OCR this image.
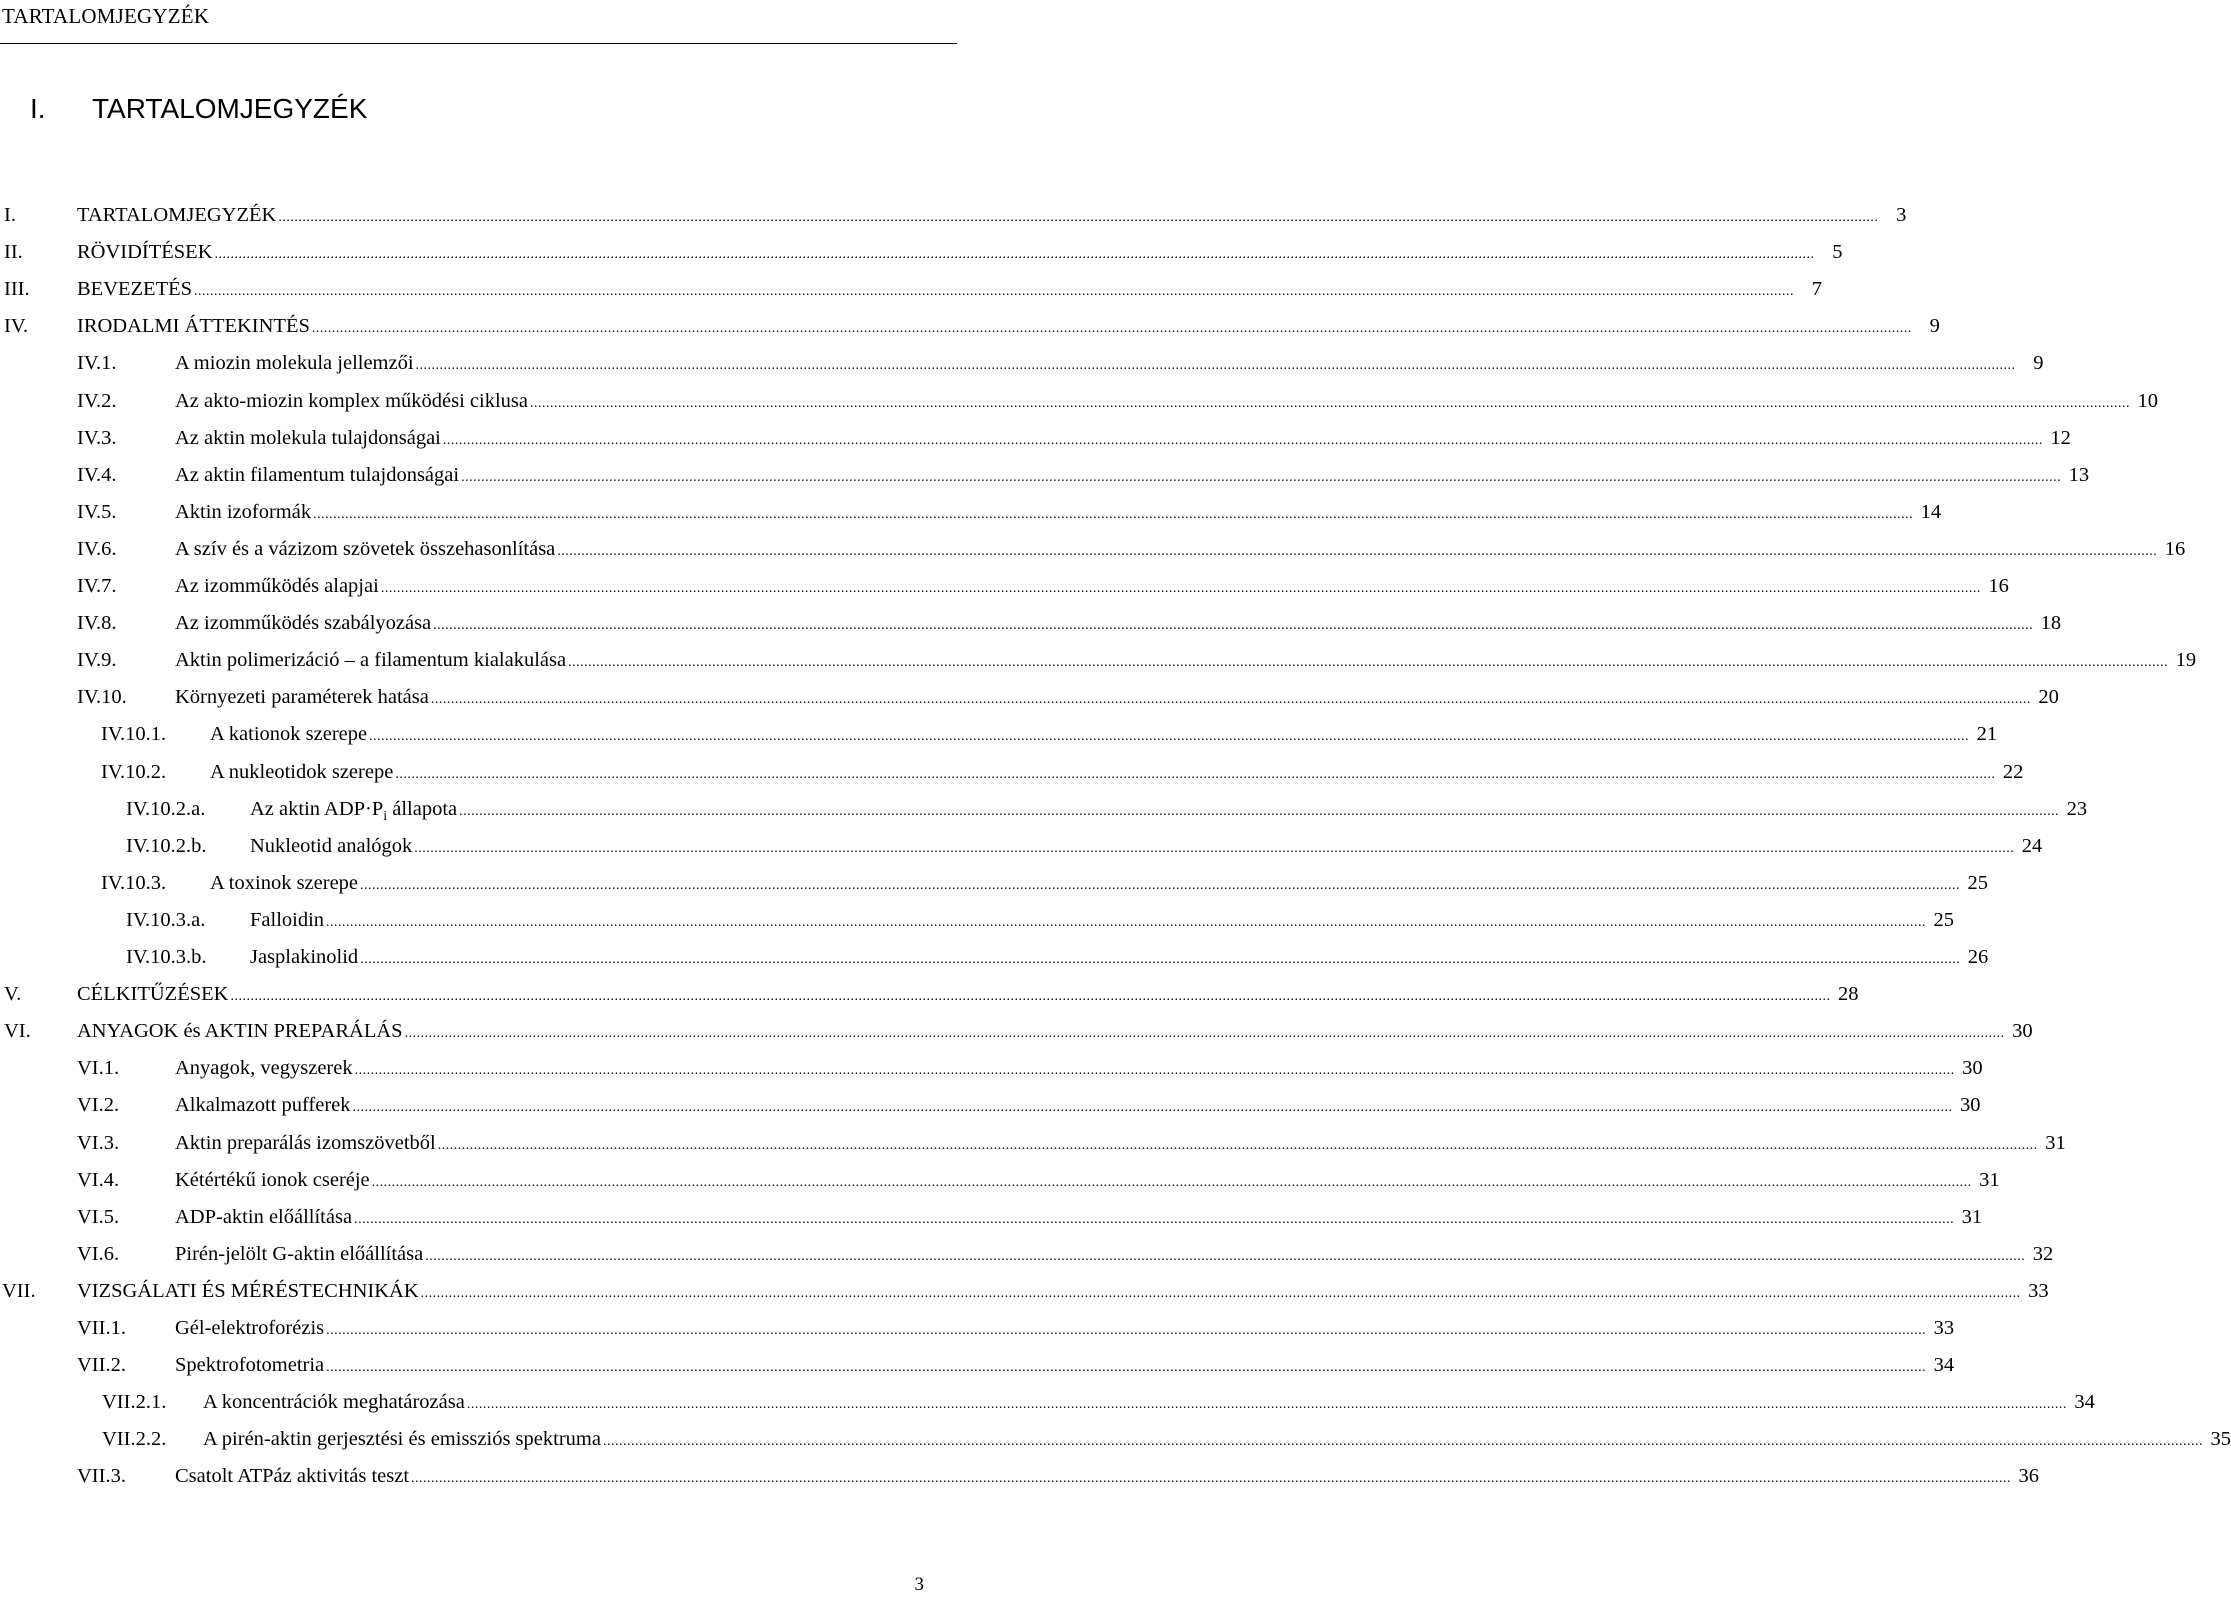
TARTALOMJEGYZÉK
I. TARTALOMJEGYZÉK
I.	TARTALOMJEGYZÉK ................................................................................................................................................................................................................................................................................................................................................................................................................ 3
II.	RÖVIDÍTÉSEK ................................................................................................................................................................................................................................................................................................................................................................................................................ 5
III. BEVEZETÉS ................................................................................................................................................................................................................................................................................................................................................................................................................ 7
IV. IRODALMI ÁTTEKINTÉS ................................................................................................................................................................................................................................................................................................................................................................................................................ 9
IV.1.	A miozin molekula jellemzői ................................................................................................................................................................................................................................................................................................................................................................................................................ 9
IV.2.	Az akto-miozin komplex működési ciklusa ................................................................................................................................................................................................................................................................................................................................................................................................................ 10
IV.3.	Az aktin molekula tulajdonságai ................................................................................................................................................................................................................................................................................................................................................................................................................ 12
IV.4.	Az aktin filamentum tulajdonságai ................................................................................................................................................................................................................................................................................................................................................................................................................ 13
IV.5.	Aktin izoformák ................................................................................................................................................................................................................................................................................................................................................................................................................ 14
IV.6.	A szív és a vázizom szövetek összehasonlítása ................................................................................................................................................................................................................................................................................................................................................................................................................ 16
IV.7.	Az izomműködés alapjai ................................................................................................................................................................................................................................................................................................................................................................................................................ 16
IV.8.	Az izomműködés szabályozása ................................................................................................................................................................................................................................................................................................................................................................................................................ 18
IV.9.	Aktin polimerizáció – a filamentum kialakulása ................................................................................................................................................................................................................................................................................................................................................................................................................ 19
IV.10. Környezeti paraméterek hatása ................................................................................................................................................................................................................................................................................................................................................................................................................ 20
IV.10.1. A kationok szerepe ................................................................................................................................................................................................................................................................................................................................................................................................................ 21
IV.10.2. A nukleotidok szerepe ................................................................................................................................................................................................................................................................................................................................................................................................................ 22
IV.10.2.a. Az aktin $ADP\cdot P_i$ állapota ................................................................................................................................................................................................................................................................................................................................................................................................................ 23
IV.10.2.b. Nukleotid analógok ................................................................................................................................................................................................................................................................................................................................................................................................................ 24
IV.10.3. A toxinok szerepe ................................................................................................................................................................................................................................................................................................................................................................................................................ 25
IV.10.3.a. Falloidin ................................................................................................................................................................................................................................................................................................................................................................................................................ 25
IV.10.3.b. Jasplakinolid ................................................................................................................................................................................................................................................................................................................................................................................................................ 26
V.	CÉLKITŰZÉSEK ................................................................................................................................................................................................................................................................................................................................................................................................................ 28
VI. ANYAGOK és AKTIN PREPARÁLÁS ................................................................................................................................................................................................................................................................................................................................................................................................................ 30
VI.1.	Anyagok, vegyszerek ................................................................................................................................................................................................................................................................................................................................................................................................................ 30
VI.2.	Alkalmazott pufferek ................................................................................................................................................................................................................................................................................................................................................................................................................ 30
VI.3.	Aktin preparálás izomszövetből ................................................................................................................................................................................................................................................................................................................................................................................................................ 31
VI.4.	Kétértékű ionok cseréje ................................................................................................................................................................................................................................................................................................................................................................................................................ 31
VI.5.	ADP-aktin előállítása ................................................................................................................................................................................................................................................................................................................................................................................................................ 31
VI.6.	Pirén-jelölt G-aktin előállítása ................................................................................................................................................................................................................................................................................................................................................................................................................ 32
VII. VIZSGÁLATI ÉS MÉRÉSTECHNIKÁK ................................................................................................................................................................................................................................................................................................................................................................................................................ 33
VII.1. Gél-elektroforézis ................................................................................................................................................................................................................................................................................................................................................................................................................ 33
VII.2. Spektrofotometria ................................................................................................................................................................................................................................................................................................................................................................................................................ 34
VII.2.1. A koncentrációk meghatározása ................................................................................................................................................................................................................................................................................................................................................................................................................ 34
VII.2.2. A pirén-aktin gerjesztési és emissziós spektruma ................................................................................................................................................................................................................................................................................................................................................................................................................ 35
VII.3. Csatolt ATPáz aktivitás teszt ................................................................................................................................................................................................................................................................................................................................................................................................................ 36
3
